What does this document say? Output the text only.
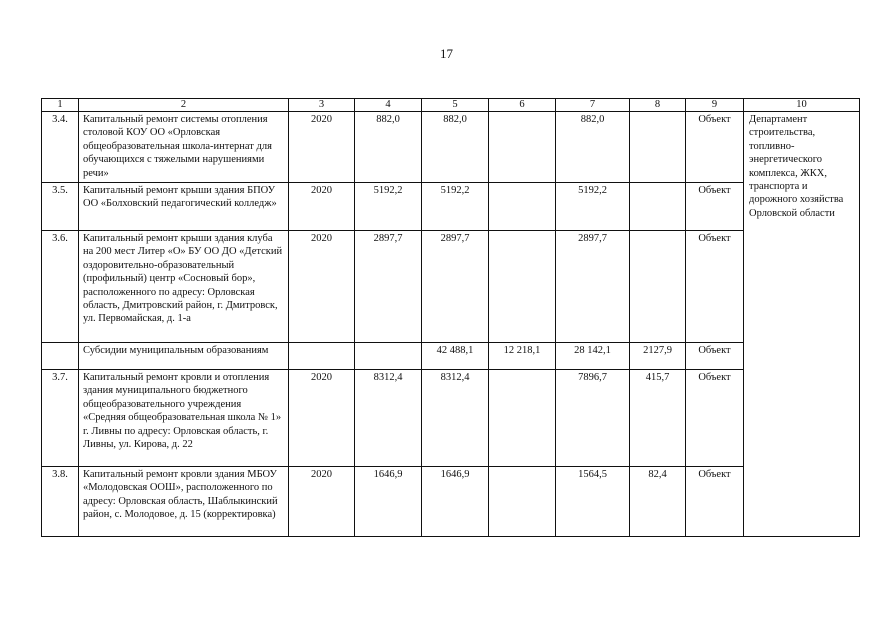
17
1	2	3	4	5	6	7	8	9	10
3.4.	Капитальный ремонт системы отопления столовой КОУ ОО «Орловская общеобразовательная школа-интернат для обучающихся с тяжелыми нарушениями речи»	2020	882,0	882,0		882,0		Объект	Департамент строительства, топливно-энергетического комплекса, ЖКХ, транспорта и дорожного хозяйства Орловской области
3.5.	Капитальный ремонт крыши здания БПОУ ОО «Болховский педагогический колледж»	2020	5192,2	5192,2		5192,2		Объект	
3.6.	Капитальный ремонт крыши здания клуба на 200 мест Литер «О» БУ ОО ДО «Детский оздоровительно-образовательный (профильный) центр «Сосновый бор», расположенного по адресу: Орловская область, Дмитровский район, г. Дмитровск, ул. Первомайская, д. 1-а	2020	2897,7	2897,7		2897,7		Объект	
	Субсидии муниципальным образованиям			42 488,1	12 218,1	28 142,1	2127,9	Объект	
3.7.	Капитальный ремонт кровли и отопления здания муниципального бюджетного общеобразовательного учреждения «Средняя общеобразовательная школа № 1» г. Ливны по адресу: Орловская область, г. Ливны, ул. Кирова, д. 22	2020	8312,4	8312,4		7896,7	415,7	Объект	
3.8.	Капитальный ремонт кровли здания МБОУ «Молодовская ООШ», расположенного по адресу: Орловская область, Шаблыкинский район, с. Молодовое, д. 15 (корректировка)	2020	1646,9	1646,9		1564,5	82,4	Объект	
